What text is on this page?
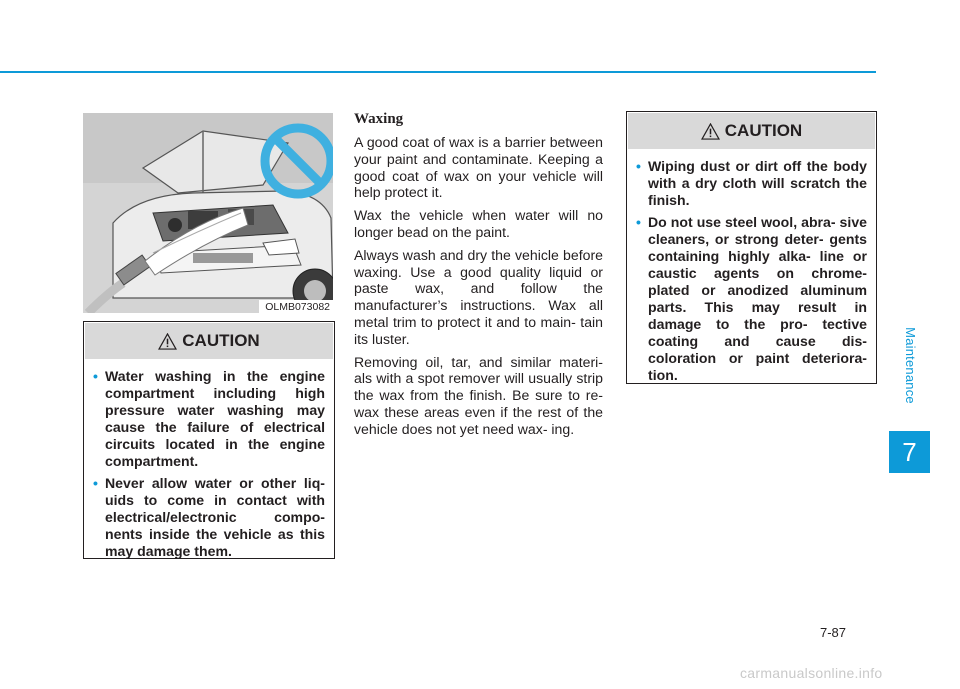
Maintenance
7
OLMB073082
CAUTION
• Water washing in the engine compartment including high pressure water washing may cause the failure of electrical circuits located in the engine compartment.
• Never allow water or other liq- uids to come in contact with electrical/electronic compo- nents inside the vehicle as this may damage them.
Waxing

A good coat of wax is a barrier between your paint and contaminate. Keeping a good coat of wax on your vehicle will help protect it.

Wax the vehicle when water will no longer bead on the paint.

Always wash and dry the vehicle before waxing. Use a good quality liquid or paste wax, and follow the manufacturer’s instructions. Wax all metal trim to protect it and to main- tain its luster.

Removing oil, tar, and similar materi- als with a spot remover will usually strip the wax from the finish. Be sure to re-wax these areas even if the rest of the vehicle does not yet need wax- ing.

CAUTION
• Wiping dust or dirt off the body with a dry cloth will scratch the finish.
• Do not use steel wool, abra- sive cleaners, or strong deter- gents containing highly alka- line or caustic agents on chrome-plated or anodized aluminum parts. This may result in damage to the pro- tective coating and cause dis- coloration or paint deteriora- tion.
7-87
carmanualsonline.info
